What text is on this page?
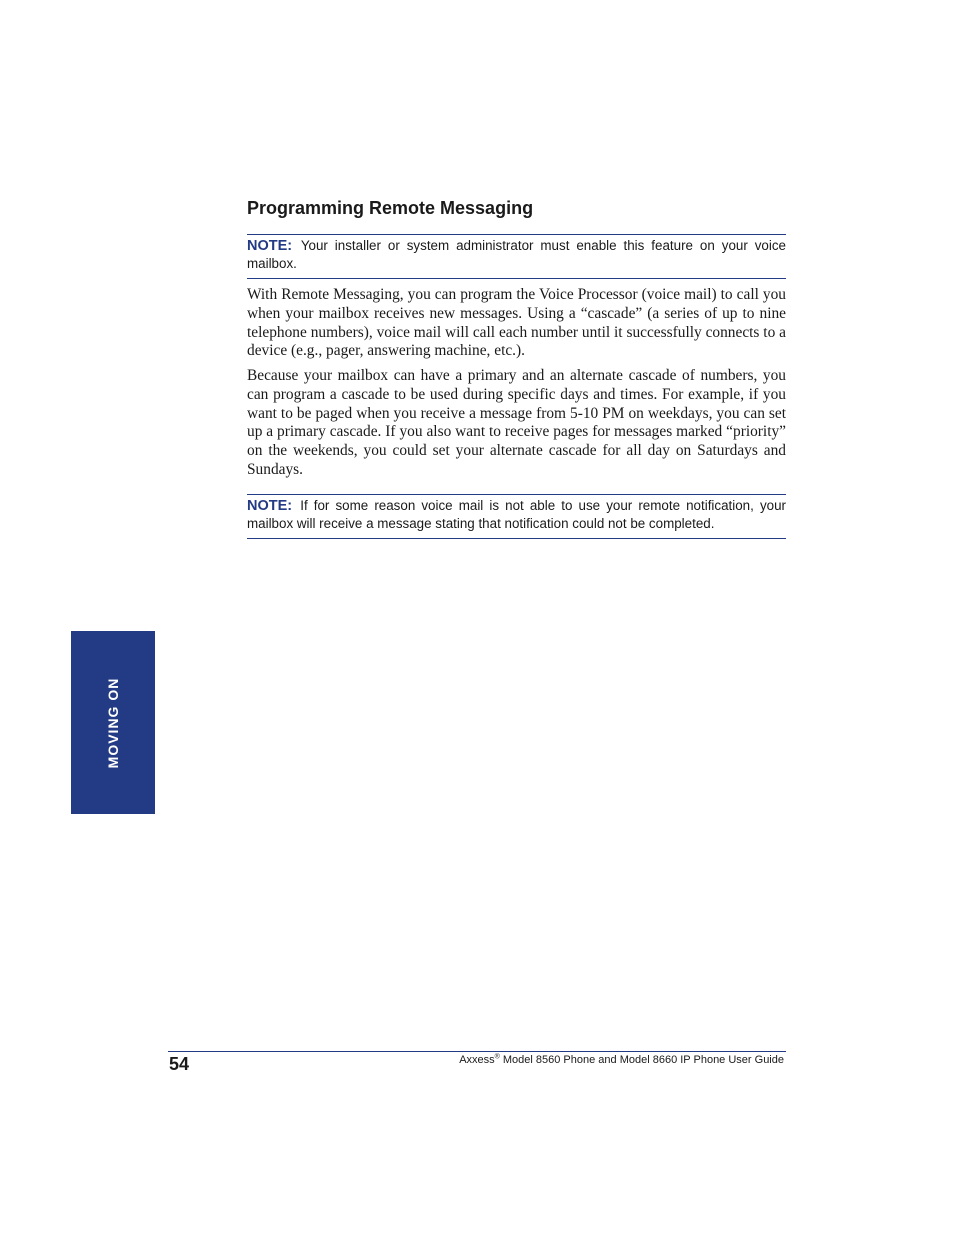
Programming Remote Messaging
NOTE: Your installer or system administrator must enable this feature on your voice mailbox.

With Remote Messaging, you can program the Voice Processor (voice mail) to call you when your mailbox receives new messages. Using a “cascade” (a series of up to nine telephone numbers), voice mail will call each number until it successfully connects to a device (e.g., pager, answering machine, etc.).

Because your mailbox can have a primary and an alternate cascade of numbers, you can program a cascade to be used during specific days and times. For example, if you want to be paged when you receive a message from 5-10 PM on weekdays, you can set up a primary cascade. If you also want to receive pages for messages marked “priority” on the weekends, you could set your alternate cascade for all day on Saturdays and Sundays.

NOTE: If for some reason voice mail is not able to use your remote notification, your mailbox will receive a message stating that notification could not be completed.
MOVING ON
54	Axxess® Model 8560 Phone and Model 8660 IP Phone User Guide
